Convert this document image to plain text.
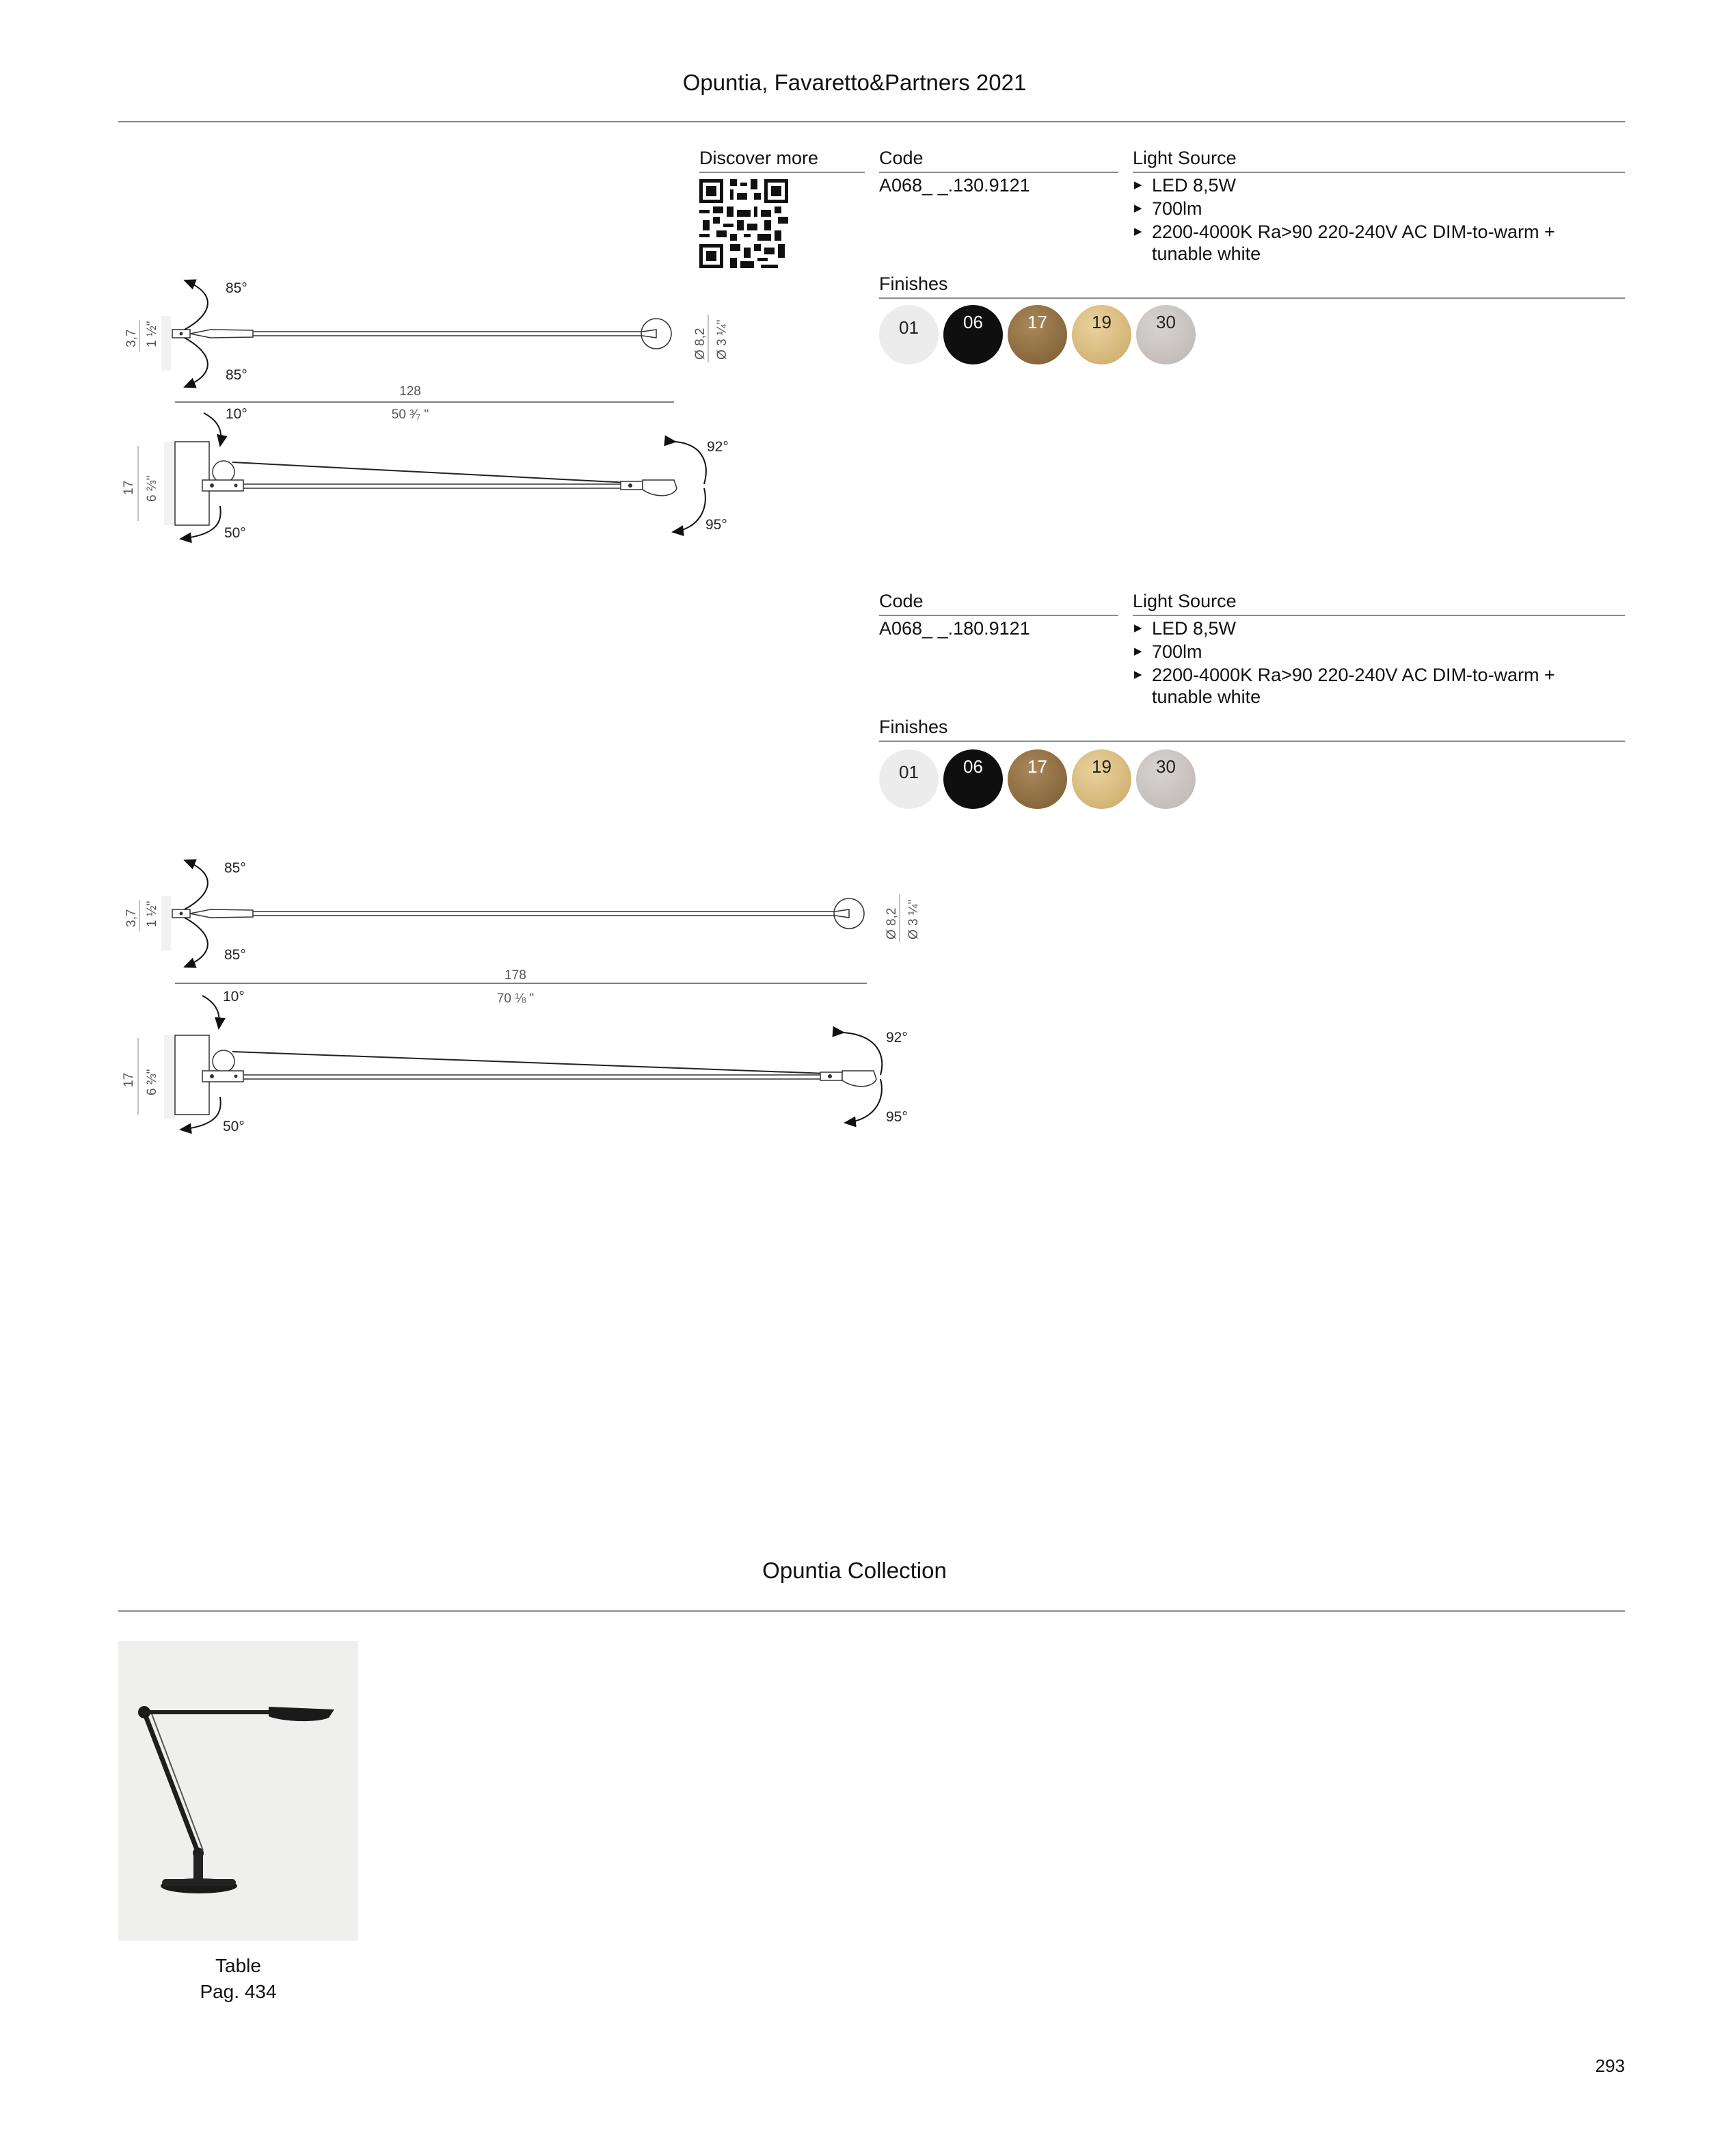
Opuntia, Favaretto&Partners 2021
Discover more	Code
A068_ _.130.9121
Light Source
▶ LED 8,5W
▶ 700lm
▶ 2200-4000K Ra>90 220-240V AC DIM-to-warm +
tunable white
Finishes
01	06	17	19	30
Code
A068_ _.180.9121
Light Source
▶ LED 8,5W
▶ 700lm
▶ 2200-4000K Ra>90 220-240V AC DIM-to-warm +
tunable white
Finishes
01	06	17	19	30
85°
85°
3,7 1 ½"	Ø 8,2 Ø 3 ¼"
128
50 ³⁄₇ "
10°
92°
95°
50°
17 6 ⅔"
85°
85°
3,7 1 ½"	Ø 8,2 Ø 3 ¼"
178
70 ⅛ "
10°
92°
95°
50°
17 6 ⅔"
Opuntia Collection
Table
Pag. 434
293
